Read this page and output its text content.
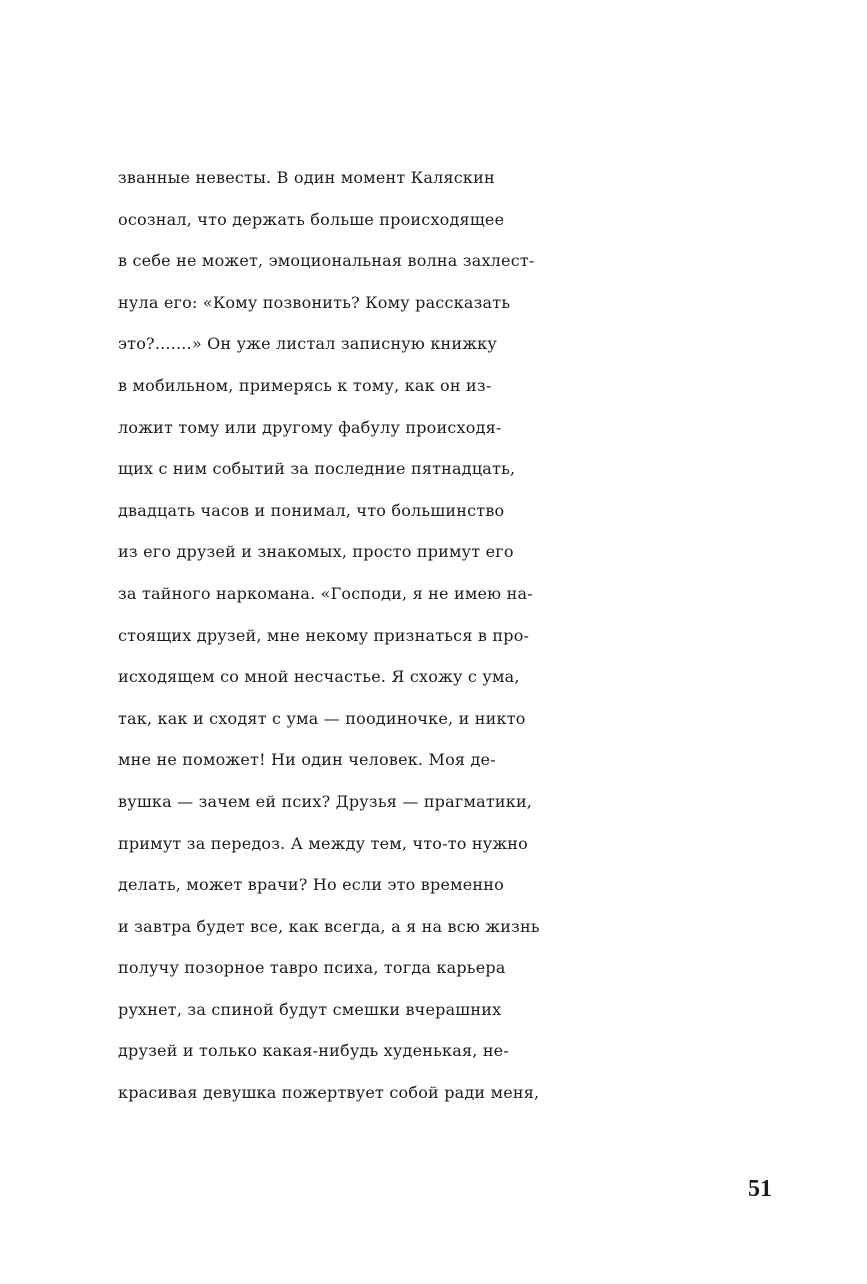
званные невесты. В один момент Каляскин
осознал, что держать больше происходящее
в себе не может, эмоциональная волна захлест-
нула его: «Кому позвонить? Кому рассказать
это?.......» Он уже листал записную книжку
в мобильном, примерясь к тому, как он из-
ложит тому или другому фабулу происходя-
щих с ним событий за последние пятнадцать,
двадцать часов и понимал, что большинство
из его друзей и знакомых, просто примут его
за тайного наркомана. «Господи, я не имею на-
стоящих друзей, мне некому признаться в про-
исходящем со мной несчастье. Я схожу с ума,
так, как и сходят с ума — поодиночке, и никто
мне не поможет! Ни один человек. Моя де-
вушка — зачем ей псих? Друзья — прагматики,
примут за передоз. А между тем, что-то нужно
делать, может врачи? Но если это временно
и завтра будет все, как всегда, а я на всю жизнь
получу позорное тавро психа, тогда карьера
рухнет, за спиной будут смешки вчерашних
друзей и только какая-нибудь худенькая, не-
красивая девушка пожертвует собой ради меня,
51
